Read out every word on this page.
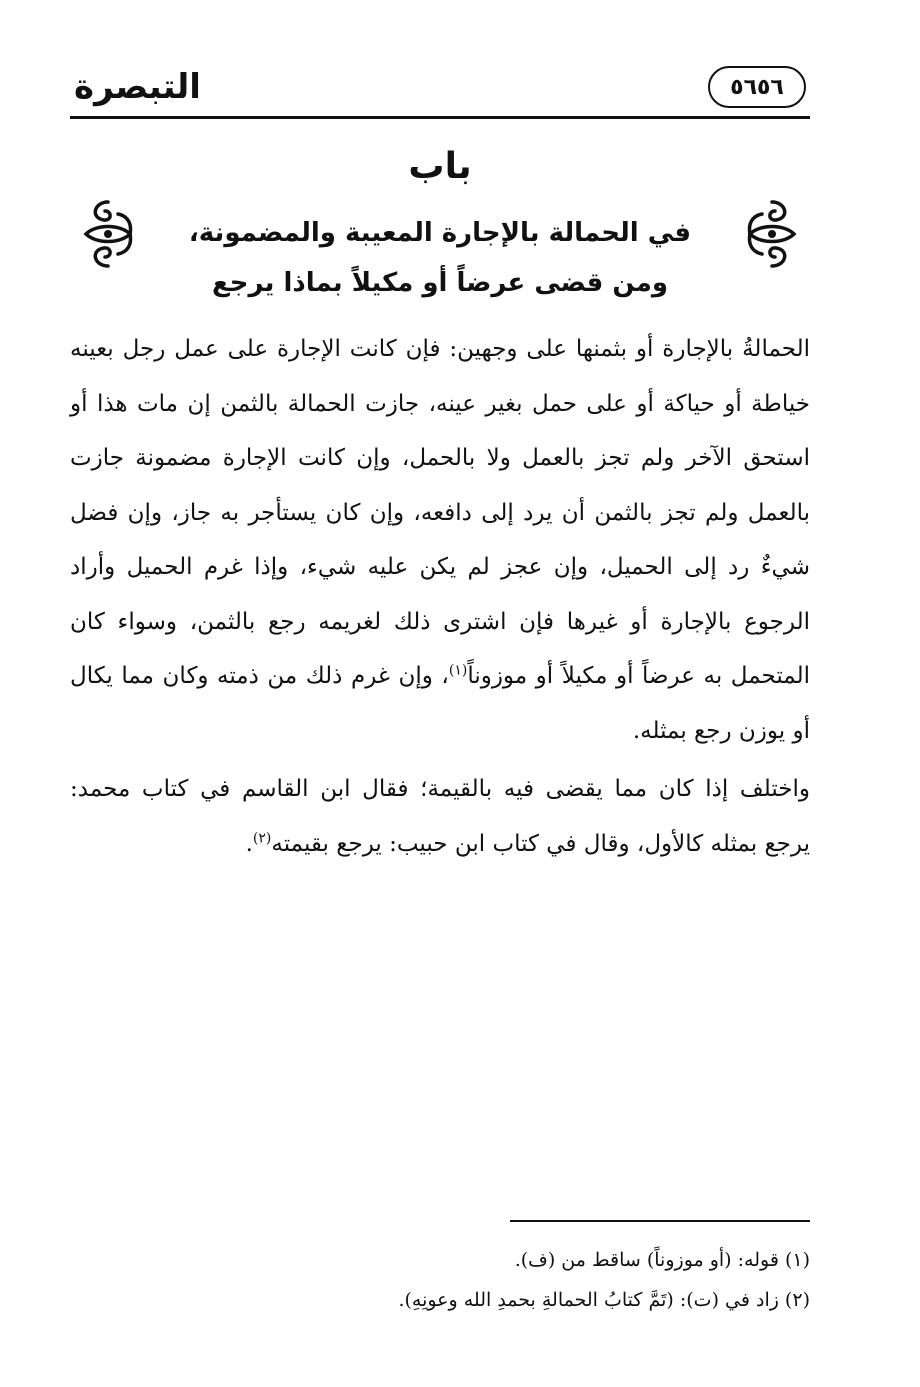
التبصرة	٥٦٥٦
باب
في الحمالة بالإجارة المعيبة والمضمونة،
ومن قضى عرضاً أو مكيلاً بماذا يرجع

الحمالةُ بالإجارة أو بثمنها على وجهين: فإن كانت الإجارة على عمل رجل بعينه خياطة أو حياكة أو على حمل بغير عينه، جازت الحمالة بالثمن إن مات هذا أو استحق الآخر ولم تجز بالعمل ولا بالحمل، وإن كانت الإجارة مضمونة جازت بالعمل ولم تجز بالثمن أن يرد إلى دافعه، وإن كان يستأجر به جاز، وإن فضل شيءٌ رد إلى الحميل، وإن عجز لم يكن عليه شيء، وإذا غرم الحميل وأراد الرجوع بالإجارة أو غيرها فإن اشترى ذلك لغريمه رجع بالثمن، وسواء كان المتحمل به عرضاً أو مكيلاً أو موزوناً$^{(١)}$، وإن غرم ذلك من ذمته وكان مما يكال أو يوزن رجع بمثله.

واختلف إذا كان مما يقضى فيه بالقيمة؛ فقال ابن القاسم في كتاب محمد: يرجع بمثله كالأول، وقال في كتاب ابن حبيب: يرجع بقيمته$^{(٢)}$.

(١) قوله: (أو موزوناً) ساقط من (ف).

(٢) زاد في (ت): (تَمَّ كتابُ الحمالةِ بحمدِ الله وعونِهِ).
